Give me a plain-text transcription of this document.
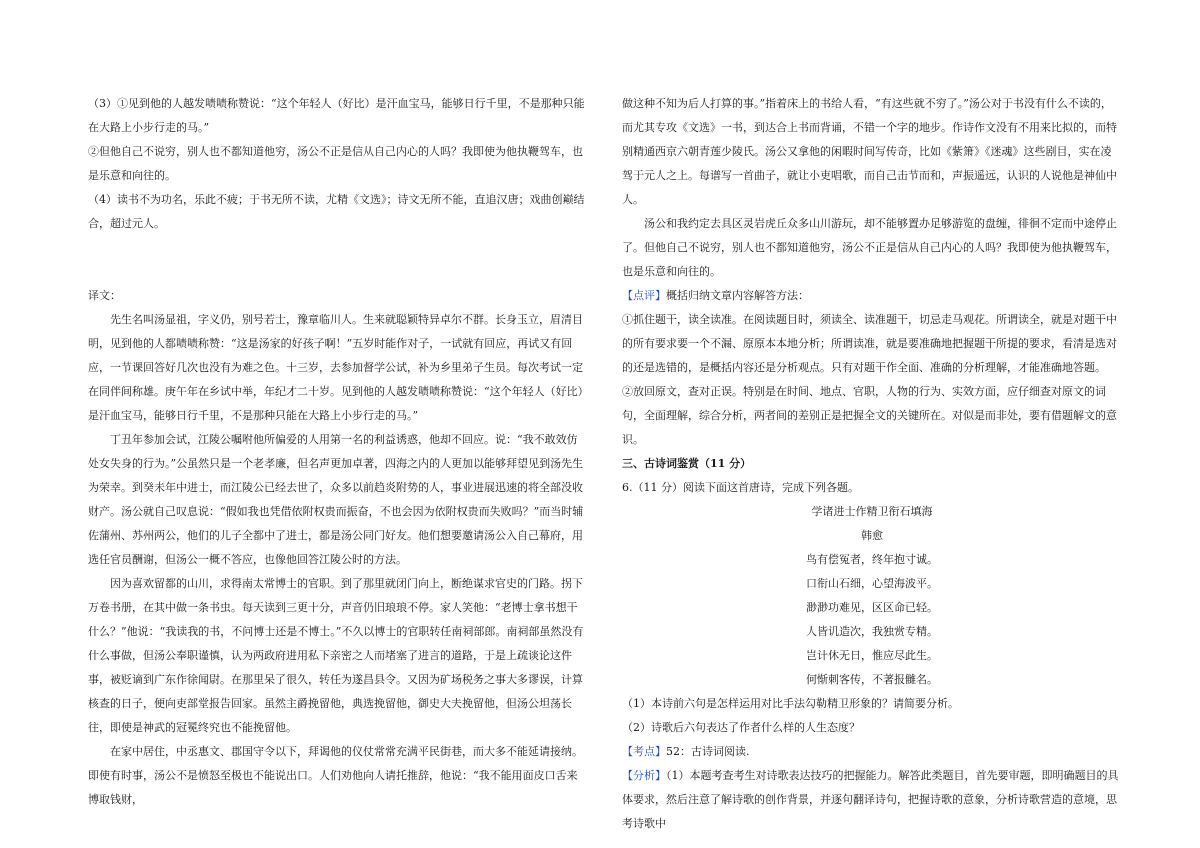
（3）①见到他的人越发啧啧称赞说：“这个年轻人（好比）是汗血宝马，能够日行千里，不是那种只能在大路上小步行走的马。”

②但他自己不说穷，别人也不都知道他穷，汤公不正是信从自己内心的人吗？我即使为他执鞭驾车，也是乐意和向往的。

（4）读书不为功名，乐此不疲；于书无所不读，尤精《文选》；诗文无所不能，直追汉唐；戏曲创巅结合，超过元人。

译文：

先生名叫汤显祖，字义仍，别号若士，豫章临川人。生来就聪颖特异卓尔不群。长身玉立，眉清目明，见到他的人都啧啧称赞：“这是汤家的好孩子啊！”五岁时能作对子，一试就有回应，再试又有回应，一节课回答好几次也没有为难之色。十三岁，去参加督学公试，补为乡里弟子生员。每次考试一定在同伴间称雄。庚午年在乡试中举，年纪才二十岁。见到他的人越发啧啧称赞说：“这个年轻人（好比）是汗血宝马，能够日行千里，不是那种只能在大路上小步行走的马。”

丁丑年参加会试，江陵公嘱咐他所偏爱的人用第一名的利益诱惑，他却不回应。说：“我不敢效仿处女失身的行为。”公虽然只是一个老孝廉，但名声更加卓著，四海之内的人更加以能够拜望见到汤先生为荣幸。到癸未年中进士，而江陵公已经去世了，众多以前趋炎附势的人，事业进展迅速的将全部没收财产。汤公就自己叹息说：“假如我也凭借依附权贵而振奋，不也会因为依附权贵而失败吗？”而当时辅佐蒲州、苏州两公，他们的儿子全都中了进士，都是汤公同门好友。他们想要邀请汤公入自己幕府，用选任官员酬谢，但汤公一概不答应，也像他回答江陵公时的方法。

因为喜欢留都的山川，求得南太常博士的官职。到了那里就闭门向上，断绝谋求官史的门路。拐下万卷书册，在其中做一条书虫。每天读到三更十分，声音仍旧琅琅不停。家人笑他：“老博士拿书想干什么？”他说：“我读我的书，不问博士还是不博士。”不久以博士的官职转任南祠部郎。南祠部虽然没有什么事做，但汤公奉职谨慎，认为两政府进用私下亲密之人而堵塞了进言的道路，于是上疏谈论这件事，被贬谪到广东作徐闻尉。在那里呆了很久，转任为遂昌县令。又因为矿场税务之事大多谬误，计算核查的日子，便向吏部堂报告回家。虽然主爵挽留他，典选挽留他，御史大夫挽留他，但汤公坦荡长往，即使是神武的冠冕终究也不能挽留他。

在家中居住，中丞惠文、郡国守令以下，拜谒他的仪仗常常充满平民街巷，而大多不能延请接纳。即使有时事，汤公不是愤怒至极也不能说出口。人们劝他向人请托推辞，他说：“我不能用面皮口舌来博取钱财，

做这种不知为后人打算的事。”指着床上的书给人看，“有这些就不穷了。”汤公对于书没有什么不读的，而尤其专攻《文选》一书，到达合上书而背诵，不错一个字的地步。作诗作文没有不用来比拟的，而特别精通西京六朝青莲少陵氏。汤公又拿他的闲暇时间写传奇，比如《紫箫》《迷魂》这些剧目，实在凌驾于元人之上。每谱写一首曲子，就让小吏唱歌，而自己击节而和，声振遥远，认识的人说他是神仙中人。

汤公和我约定去具区灵岩虎丘众多山川游玩，却不能够置办足够游览的盘缠，徘徊不定而中途停止了。但他自己不说穷，别人也不都知道他穷，汤公不正是信从自己内心的人吗？我即使为他执鞭驾车，也是乐意和向往的。

【点评】概括归纳文章内容解答方法：

①抓住题干，读全读准。在阅读题目时，须读全、读准题干，切忌走马观花。所谓读全，就是对题干中的所有要求要一个不漏、原原本本地分析；所谓读准，就是要准确地把握题干所提的要求，看清是选对的还是选错的，是概括内容还是分析观点。只有对题干作全面、准确的分析理解，才能准确地答题。

②放回原文，查对正误。特别是在时间、地点、官职，人物的行为、实效方面，应仔细查对原文的词句，全面理解，综合分析，两者间的差别正是把握全文的关键所在。对似是而非处，要有借题解文的意识。

三、古诗词鉴赏（11 分）

6.（11 分）阅读下面这首唐诗，完成下列各题。

学诸进士作精卫衔石填海

韩愈

鸟有偿冤者，终年抱寸诚。

口衔山石细，心望海波平。

渺渺功难见，区区命已轻。

人皆讥造次，我独赏专精。

岂计休无日，惟应尽此生。

何惭刺客传，不著报雠名。

（1）本诗前六句是怎样运用对比手法勾勒精卫形象的？请简要分析。

（2）诗歌后六句表达了作者什么样的人生态度？

【考点】52：古诗词阅读.

【分析】（1）本题考查考生对诗歌表达技巧的把握能力。解答此类题目，首先要审题，即明确题目的具体要求，然后注意了解诗歌的创作背景，并逐句翻译诗句，把握诗歌的意象，分析诗歌营造的意境，思考诗歌中
